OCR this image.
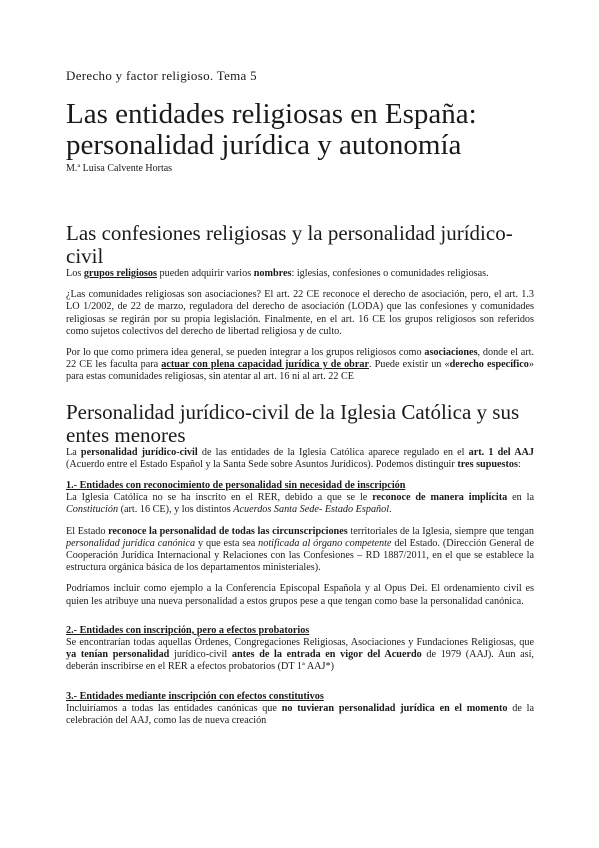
Derecho y factor religioso. Tema 5
Las entidades religiosas en España: personalidad jurídica y autonomía
M.ª Luisa Calvente Hortas
Las confesiones religiosas y la personalidad jurídico-civil

Los grupos religiosos pueden adquirir varios nombres: iglesias, confesiones o comunidades religiosas.

¿Las comunidades religiosas son asociaciones? El art. 22 CE reconoce el derecho de asociación, pero, el art. 1.3 LO 1/2002, de 22 de marzo, reguladora del derecho de asociación (LODA) que las confesiones y comunidades religiosas se regirán por su propia legislación. Finalmente, en el art. 16 CE los grupos religiosos son referidos como sujetos colectivos del derecho de libertad religiosa y de culto.

Por lo que como primera idea general, se pueden integrar a los grupos religiosos como asociaciones, donde el art. 22 CE les faculta para actuar con plena capacidad jurídica y de obrar. Puede existir un «derecho específico» para estas comunidades religiosas, sin atentar al art. 16 ni al art. 22 CE

Personalidad jurídico-civil de la Iglesia Católica y sus entes menores

La personalidad jurídico-civil de las entidades de la Iglesia Católica aparece regulado en el art. 1 del AAJ (Acuerdo entre el Estado Español y la Santa Sede sobre Asuntos Jurídicos). Podemos distinguir tres supuestos:

1.- Entidades con reconocimiento de personalidad sin necesidad de inscripción

La Iglesia Católica no se ha inscrito en el RER, debido a que se le reconoce de manera implícita en la Constitución (art. 16 CE), y los distintos Acuerdos Santa Sede- Estado Español.

El Estado reconoce la personalidad de todas las circunscripciones territoriales de la Iglesia, siempre que tengan personalidad jurídica canónica y que esta sea notificada al órgano competente del Estado. (Dirección General de Cooperación Jurídica Internacional y Relaciones con las Confesiones – RD 1887/2011, en el que se establece la estructura orgánica básica de los departamentos ministeriales).

Podríamos incluir como ejemplo a la Conferencia Episcopal Española y al Opus Dei. El ordenamiento civil es quien les atribuye una nueva personalidad a estos grupos pese a que tengan como base la personalidad canónica.

2.- Entidades con inscripción, pero a efectos probatorios

Se encontrarían todas aquellas Órdenes, Congregaciones Religiosas, Asociaciones y Fundaciones Religiosas, que ya tenían personalidad jurídico-civil antes de la entrada en vigor del Acuerdo de 1979 (AAJ). Aun así, deberán inscribirse en el RER a efectos probatorios (DT 1ª AAJ*)

3.- Entidades mediante inscripción con efectos constitutivos

Incluiríamos a todas las entidades canónicas que no tuvieran personalidad jurídica en el momento de la celebración del AAJ, como las de nueva creación
